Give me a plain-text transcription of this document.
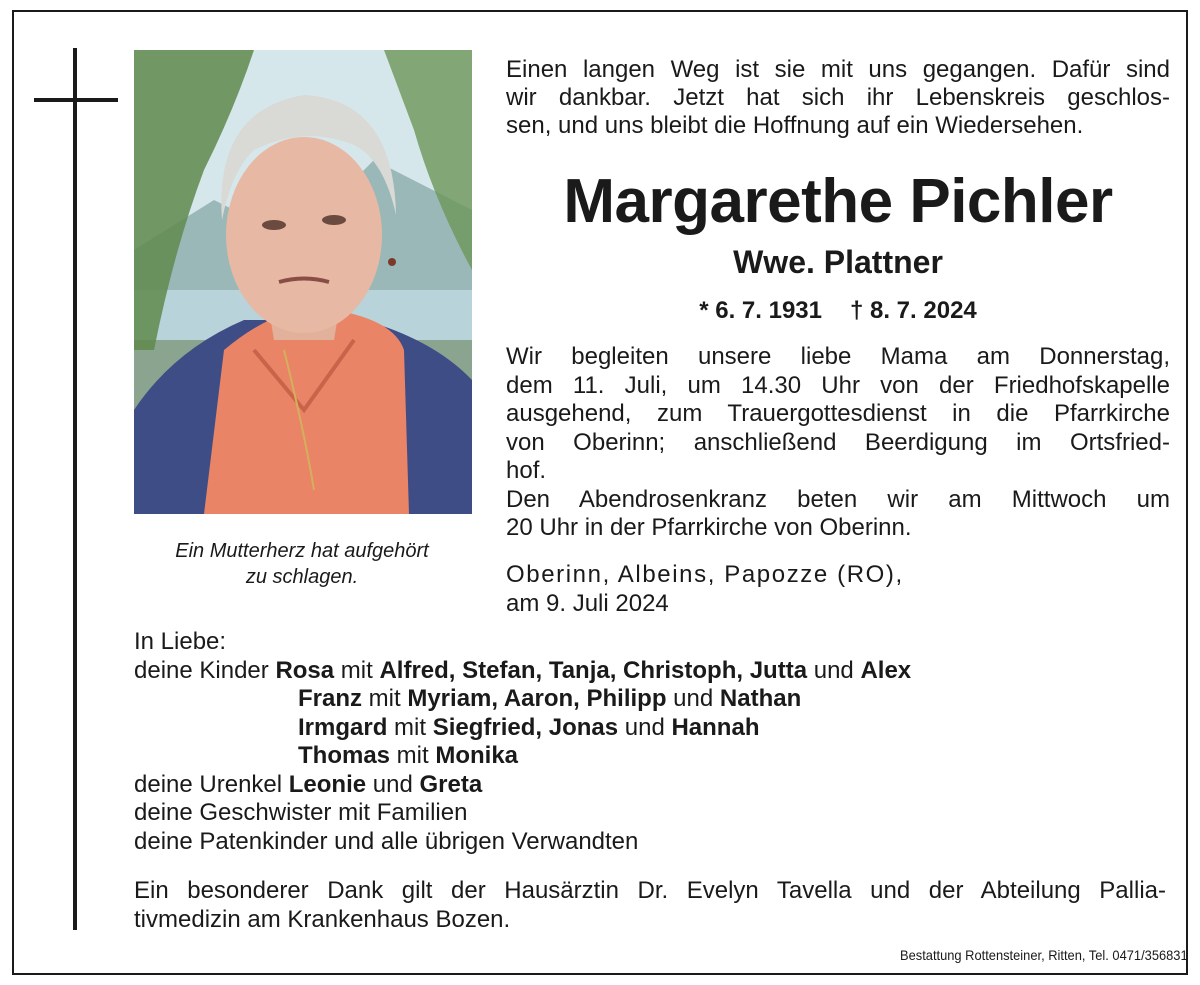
Ein Mutterherz hat aufgehört
zu schlagen.
Einen langen Weg ist sie mit uns gegangen. Dafür sind
wir dankbar. Jetzt hat sich ihr Lebenskreis geschlos-
sen, und uns bleibt die Hoffnung auf ein Wiedersehen.
Margarethe Pichler
Wwe. Plattner
* 6. 7. 1931 † 8. 7. 2024
Wir begleiten unsere liebe Mama am Donnerstag,
dem 11. Juli, um 14.30 Uhr von der Friedhofskapelle
ausgehend, zum Trauergottesdienst in die Pfarrkirche
von Oberinn; anschließend Beerdigung im Ortsfried-
hof.
Den Abendrosenkranz beten wir am Mittwoch um
20 Uhr in der Pfarrkirche von Oberinn.
Oberinn, Albeins, Papozze (RO),
am 9. Juli 2024
In Liebe:
deine Kinder Rosa mit Alfred, Stefan, Tanja, Christoph, Jutta und Alex
Franz mit Myriam, Aaron, Philipp und Nathan
Irmgard mit Siegfried, Jonas und Hannah
Thomas mit Monika
deine Urenkel Leonie und Greta
deine Geschwister mit Familien
deine Patenkinder und alle übrigen Verwandten
Ein besonderer Dank gilt der Hausärztin Dr. Evelyn Tavella und der Abteilung Pallia-
tivmedizin am Krankenhaus Bozen.
Bestattung Rottensteiner, Ritten, Tel. 0471/356831
